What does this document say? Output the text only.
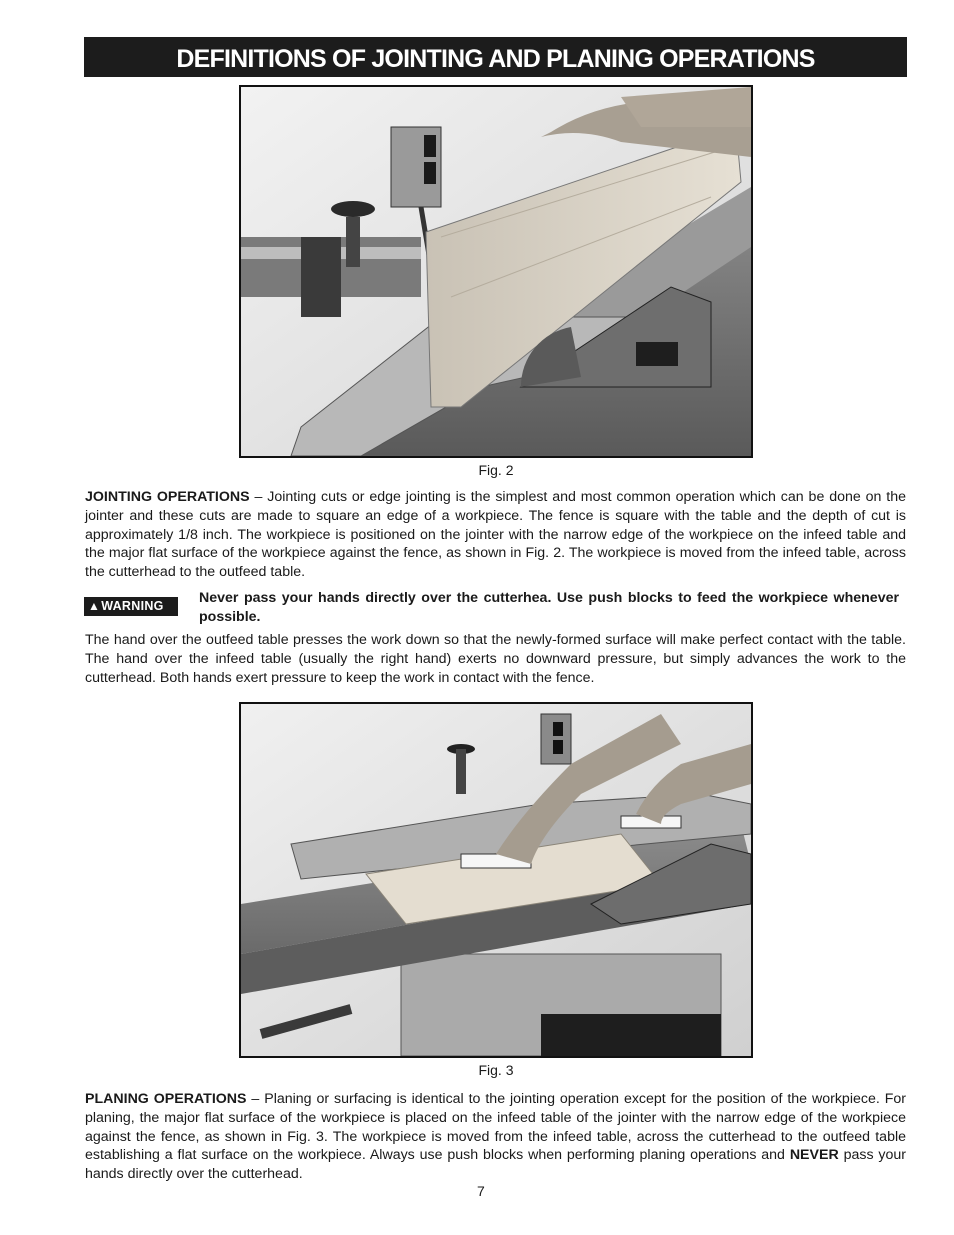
DEFINITIONS OF JOINTING AND PLANING OPERATIONS
Fig. 2
JOINTING OPERATIONS – Jointing cuts or edge jointing is the simplest and most common operation which can be done on the jointer and these cuts are made to square an edge of a workpiece. The fence is square with the table and the depth of cut is approximately 1/8 inch. The workpiece is positioned on the jointer with the narrow edge of the workpiece on the infeed table and the major flat surface of the workpiece against the fence, as shown in Fig. 2. The workpiece is moved from the infeed table, across the cutterhead to the outfeed table.
▲WARNING	Never pass your hands directly over the cutterhea. Use push blocks to feed the workpiece whenever possible.
The hand over the outfeed table presses the work down so that the newly-formed surface will make perfect contact with the table. The hand over the infeed table (usually the right hand) exerts no downward pressure, but simply advances the work to the cutterhead. Both hands exert pressure to keep the work in contact with the fence.
Fig. 3
PLANING OPERATIONS – Planing or surfacing is identical to the jointing operation except for the position of the workpiece. For planing, the major flat surface of the workpiece is placed on the infeed table of the jointer with the narrow edge of the workpiece against the fence, as shown in Fig. 3. The workpiece is moved from the infeed table, across the cutterhead to the outfeed table establishing a flat surface on the workpiece. Always use push blocks when performing planing operations and NEVER pass your hands directly over the cutterhead.
7
